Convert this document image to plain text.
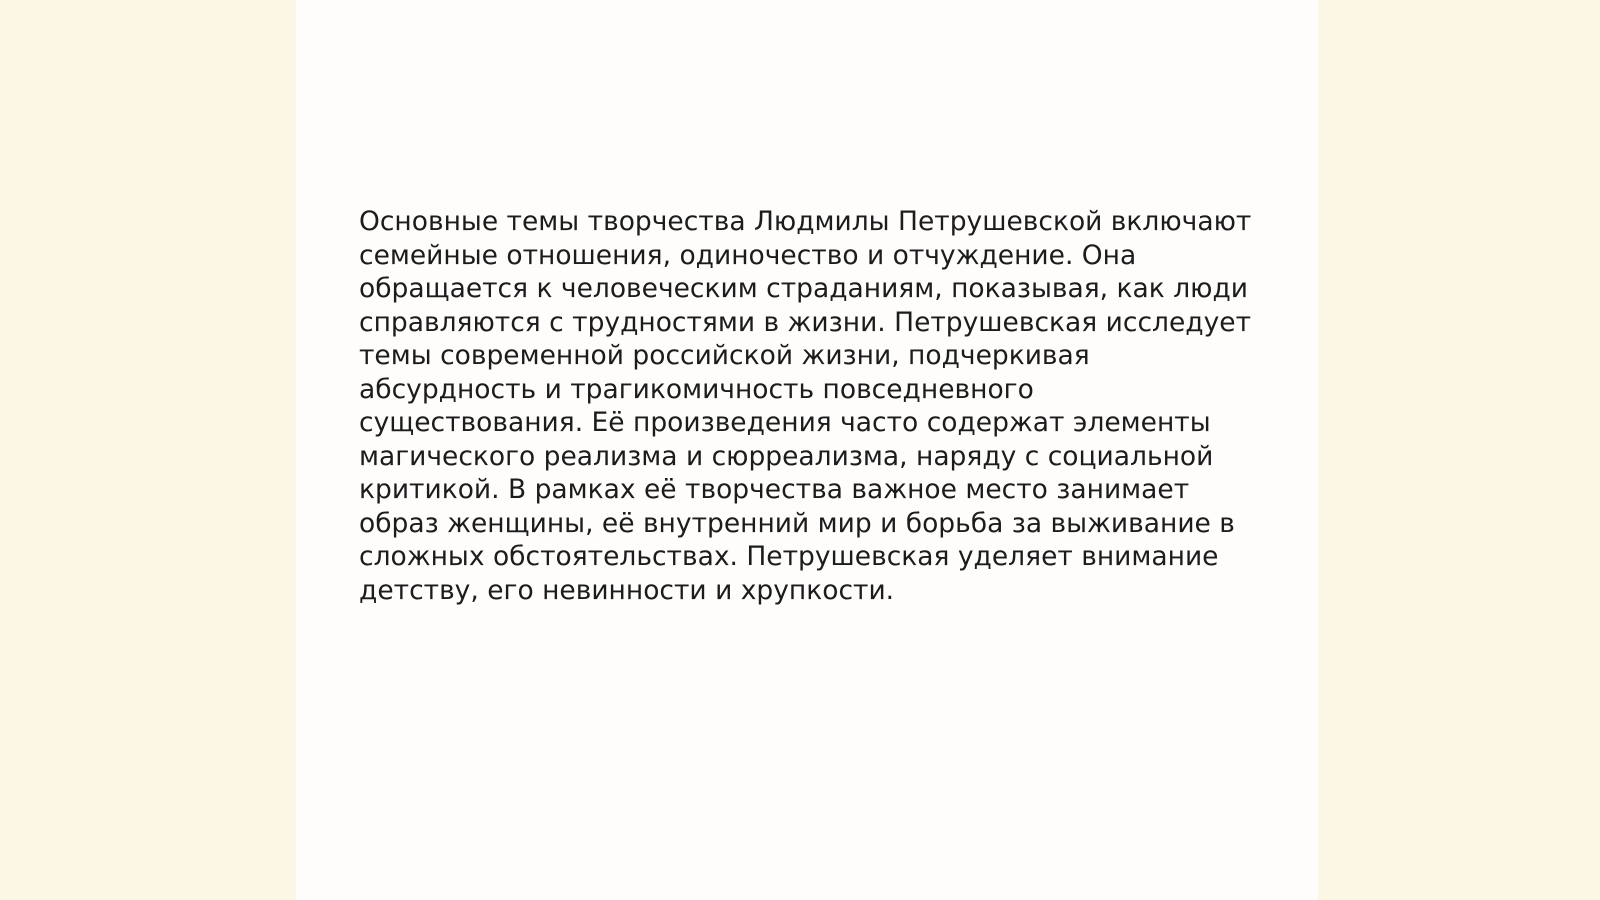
Основные темы творчества Людмилы Петрушевской включают
семейные отношения, одиночество и отчуждение. Она
обращается к человеческим страданиям, показывая, как люди
справляются с трудностями в жизни. Петрушевская исследует
темы современной российской жизни, подчеркивая
абсурдность и трагикомичность повседневного
существования. Её произведения часто содержат элементы
магического реализма и сюрреализма, наряду с социальной
критикой. В рамках её творчества важное место занимает
образ женщины, её внутренний мир и борьба за выживание в
сложных обстоятельствах. Петрушевская уделяет внимание
детству, его невинности и хрупкости.
